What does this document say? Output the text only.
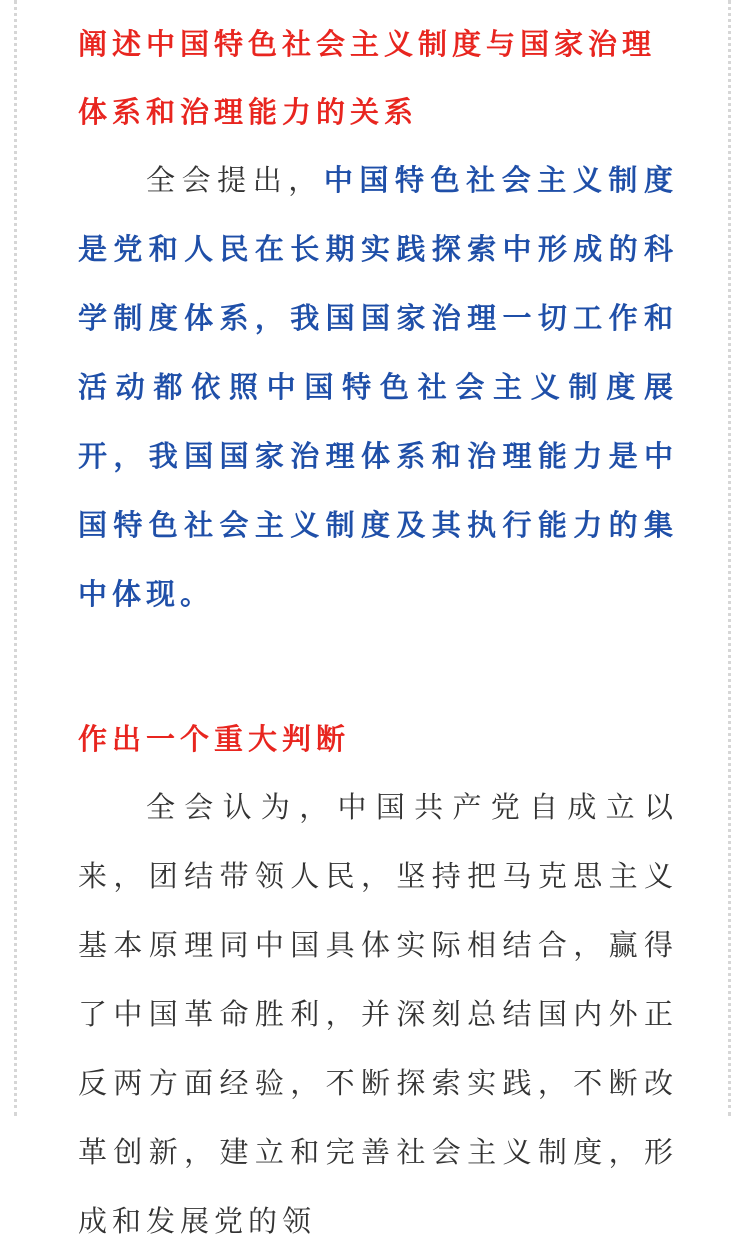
阐述中国特色社会主义制度与国家治理体系和治理能力的关系

全会提出，中国特色社会主义制度是党和人民在长期实践探索中形成的科学制度体系，我国国家治理一切工作和活动都依照中国特色社会主义制度展开，我国国家治理体系和治理能力是中国特色社会主义制度及其执行能力的集中体现。

作出一个重大判断

全会认为，中国共产党自成立以来，团结带领人民，坚持把马克思主义基本原理同中国具体实际相结合，赢得了中国革命胜利，并深刻总结国内外正反两方面经验，不断探索实践，不断改革创新，建立和完善社会主义制度，形成和发展党的领
